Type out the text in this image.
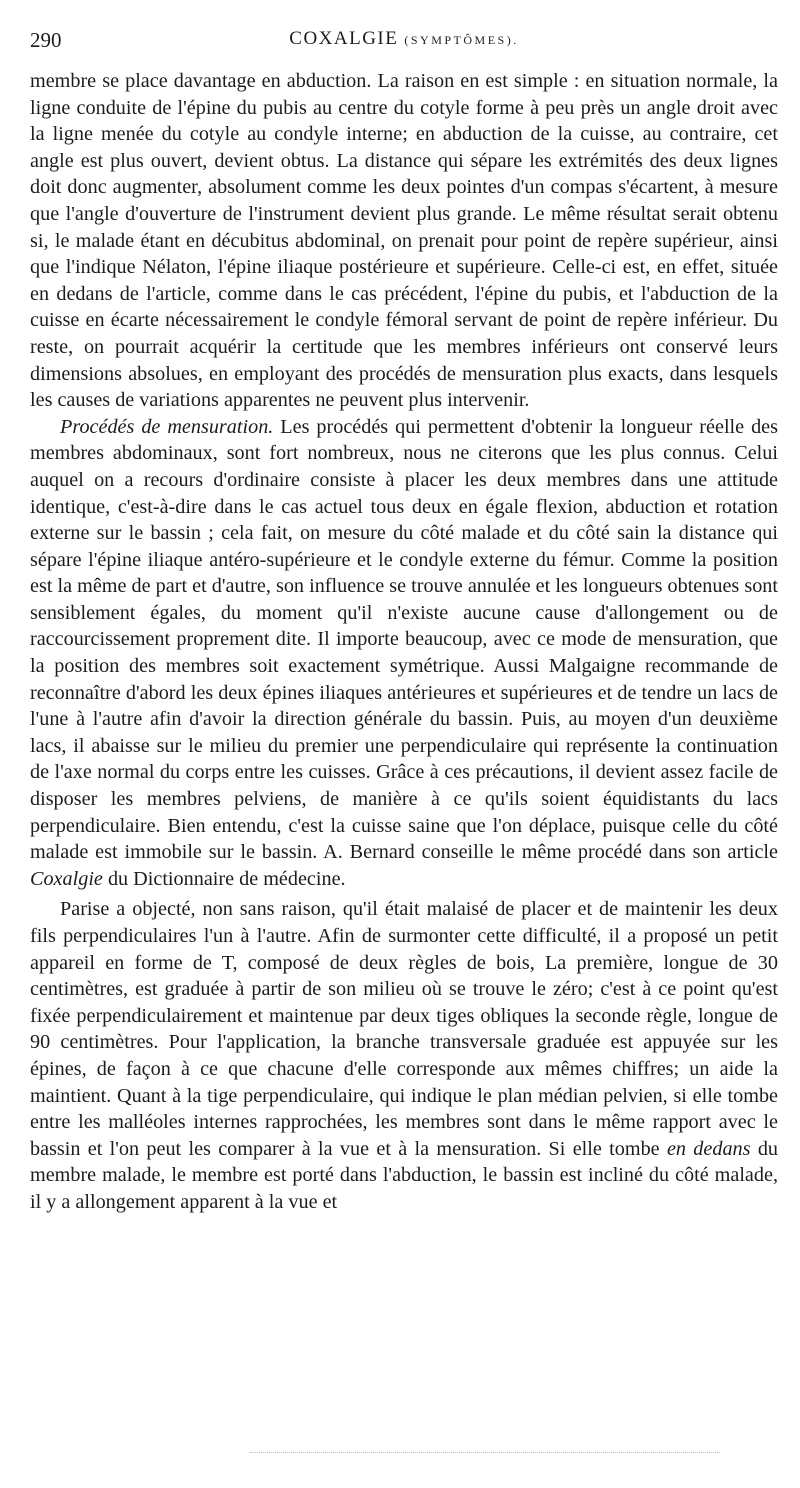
290	COXALGIE (SYMPTÔMES).

membre se place davantage en abduction. La raison en est simple : en situation normale, la ligne conduite de l'épine du pubis au centre du cotyle forme à peu près un angle droit avec la ligne menée du cotyle au condyle interne; en abduction de la cuisse, au contraire, cet angle est plus ouvert, devient obtus. La distance qui sépare les extrémités des deux lignes doit donc augmenter, absolument comme les deux pointes d'un compas s'écartent, à mesure que l'angle d'ouverture de l'instrument devient plus grande. Le même résultat serait obtenu si, le malade étant en décubitus abdominal, on prenait pour point de repère supérieur, ainsi que l'indique Nélaton, l'épine iliaque postérieure et supérieure. Celle-ci est, en effet, située en dedans de l'article, comme dans le cas précédent, l'épine du pubis, et l'abduction de la cuisse en écarte nécessairement le condyle fémoral servant de point de repère inférieur. Du reste, on pourrait acquérir la certitude que les membres inférieurs ont conservé leurs dimensions absolues, en employant des procédés de mensuration plus exacts, dans lesquels les causes de variations apparentes ne peuvent plus intervenir.

Procédés de mensuration. Les procédés qui permettent d'obtenir la longueur réelle des membres abdominaux, sont fort nombreux, nous ne citerons que les plus connus. Celui auquel on a recours d'ordinaire consiste à placer les deux membres dans une attitude identique, c'est-à-dire dans le cas actuel tous deux en égale flexion, abduction et rotation externe sur le bassin ; cela fait, on mesure du côté malade et du côté sain la distance qui sépare l'épine iliaque antéro-supérieure et le condyle externe du fémur. Comme la position est la même de part et d'autre, son influence se trouve annulée et les longueurs obtenues sont sensiblement égales, du moment qu'il n'existe aucune cause d'allongement ou de raccourcissement proprement dite. Il importe beaucoup, avec ce mode de mensuration, que la position des membres soit exactement symétrique. Aussi Malgaigne recommande de reconnaître d'abord les deux épines iliaques antérieures et supérieures et de tendre un lacs de l'une à l'autre afin d'avoir la direction générale du bassin. Puis, au moyen d'un deuxième lacs, il abaisse sur le milieu du premier une perpendiculaire qui représente la continuation de l'axe normal du corps entre les cuisses. Grâce à ces précautions, il devient assez facile de disposer les membres pelviens, de manière à ce qu'ils soient équidistants du lacs perpendiculaire. Bien entendu, c'est la cuisse saine que l'on déplace, puisque celle du côté malade est immobile sur le bassin. A. Bernard conseille le même procédé dans son article Coxalgie du Dictionnaire de médecine.

Parise a objecté, non sans raison, qu'il était malaisé de placer et de maintenir les deux fils perpendiculaires l'un à l'autre. Afin de surmonter cette difficulté, il a proposé un petit appareil en forme de T, composé de deux règles de bois, La première, longue de 30 centimètres, est graduée à partir de son milieu où se trouve le zéro; c'est à ce point qu'est fixée perpendiculairement et maintenue par deux tiges obliques la seconde règle, longue de 90 centimètres. Pour l'application, la branche transversale graduée est appuyée sur les épines, de façon à ce que chacune d'elle corresponde aux mêmes chiffres; un aide la maintient. Quant à la tige perpendiculaire, qui indique le plan médian pelvien, si elle tombe entre les malléoles internes rapprochées, les membres sont dans le même rapport avec le bassin et l'on peut les comparer à la vue et à la mensuration. Si elle tombe en dedans du membre malade, le membre est porté dans l'abduction, le bassin est incliné du côté malade, il y a allongement apparent à la vue et
